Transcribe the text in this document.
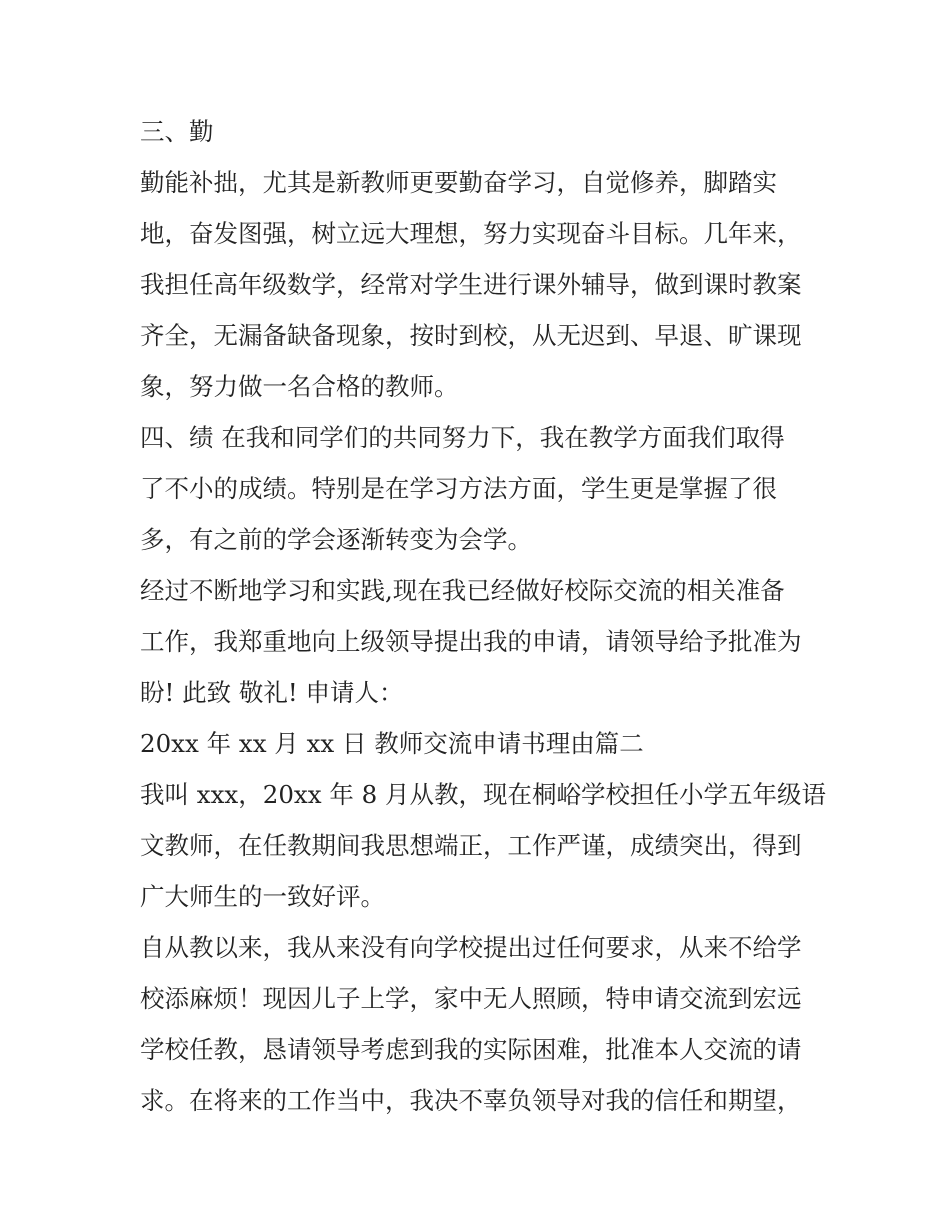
三、勤
勤能补拙，尤其是新教师更要勤奋学习，自觉修养，脚踏实
地，奋发图强，树立远大理想，努力实现奋斗目标。几年来，
我担任高年级数学，经常对学生进行课外辅导，做到课时教案
齐全，无漏备缺备现象，按时到校，从无迟到、早退、旷课现
象，努力做一名合格的教师。
四、绩 在我和同学们的共同努力下，我在教学方面我们取得
了不小的成绩。特别是在学习方法方面，学生更是掌握了很
多，有之前的学会逐渐转变为会学。
经过不断地学习和实践,现在我已经做好校际交流的相关准备
工作，我郑重地向上级领导提出我的申请，请领导给予批准为
盼! 此致 敬礼! 申请人：
20xx 年 xx 月 xx 日 教师交流申请书理由篇二
我叫 xxx，20xx 年 8 月从教，现在桐峪学校担任小学五年级语
文教师，在任教期间我思想端正，工作严谨，成绩突出，得到
广大师生的一致好评。
自从教以来，我从来没有向学校提出过任何要求，从来不给学
校添麻烦！现因儿子上学，家中无人照顾，特申请交流到宏远
学校任教，恳请领导考虑到我的实际困难，批准本人交流的请
求。在将来的工作当中，我决不辜负领导对我的信任和期望，
